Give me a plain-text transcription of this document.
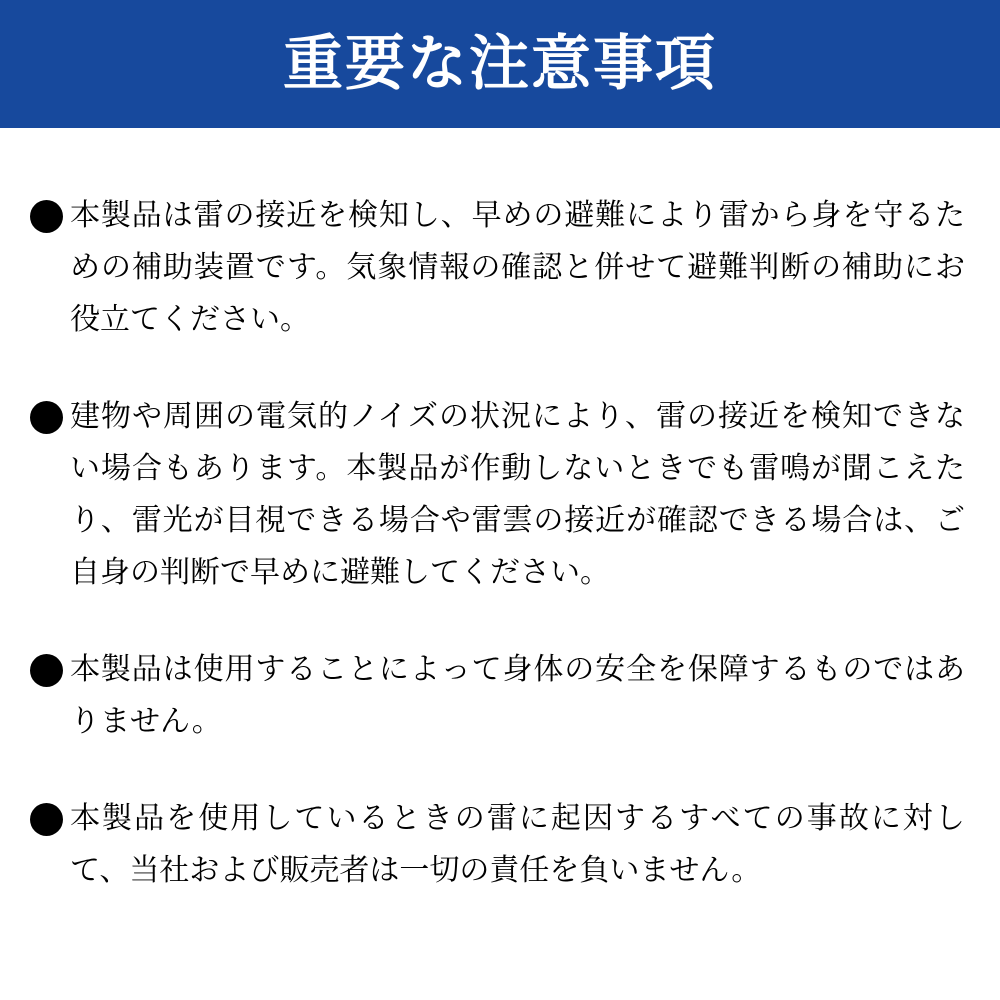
重要な注意事項
本製品は雷の接近を検知し、早めの避難により雷から身を守るた
めの補助装置です。気象情報の確認と併せて避難判断の補助にお
役立てください。
建物や周囲の電気的ノイズの状況により、雷の接近を検知できな
い場合もあります。本製品が作動しないときでも雷鳴が聞こえた
り、雷光が目視できる場合や雷雲の接近が確認できる場合は、ご
自身の判断で早めに避難してください。
本製品は使用することによって身体の安全を保障するものではあ
りません。
本製品を使用しているときの雷に起因するすべての事故に対し
て、当社および販売者は一切の責任を負いません。
